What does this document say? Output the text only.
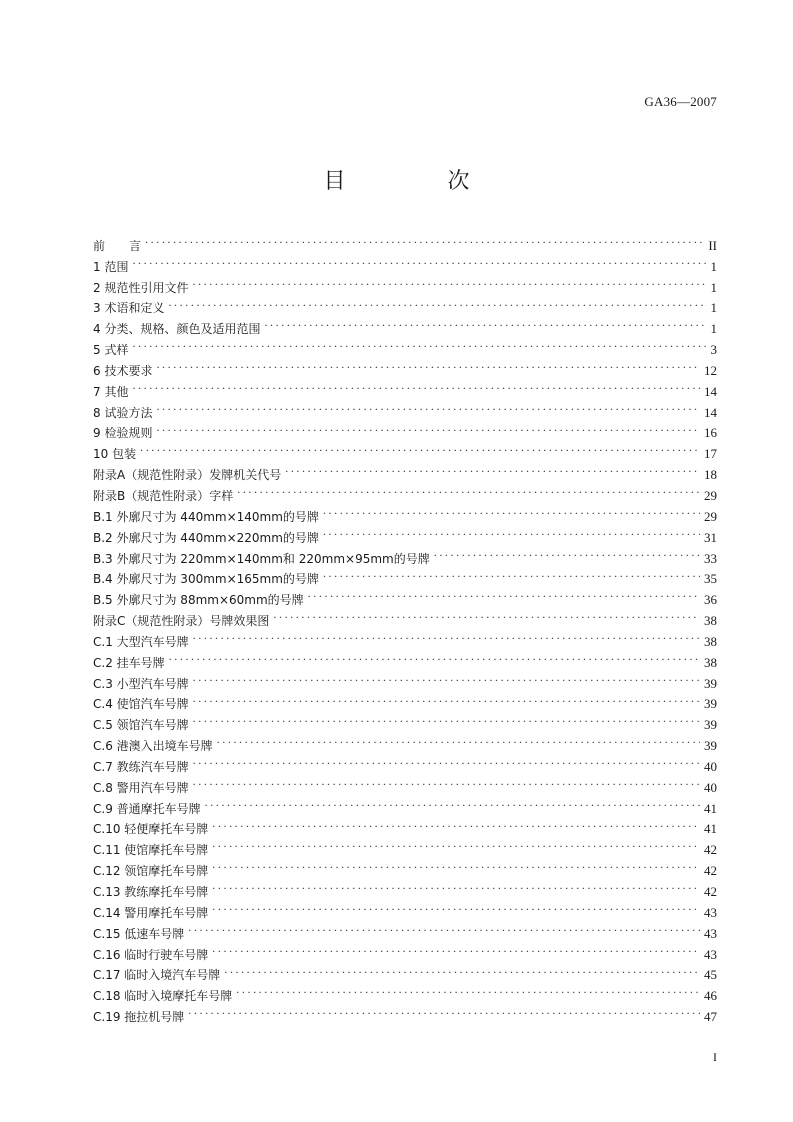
GA36—2007
目　次
前　　言 .....	II
1 范围 .....	1
2 规范性引用文件 .....	1
3 术语和定义 .....	1
4 分类、规格、颜色及适用范围 .....	1
5 式样 .....	3
6 技术要求 .....	12
7 其他 .....	14
8 试验方法 .....	14
9 检验规则 .....	16
10 包装 .....	17
附录A（规范性附录）发牌机关代号 .....	18
附录B（规范性附录）字样 .....	29
B.1 外廓尺寸为 440mm×140mm的号牌 .....	29
B.2 外廓尺寸为 440mm×220mm的号牌 .....	31
B.3 外廓尺寸为 220mm×140mm和 220mm×95mm的号牌 .....	33
B.4 外廓尺寸为 300mm×165mm的号牌 .....	35
B.5 外廓尺寸为 88mm×60mm的号牌 .....	36
附录C（规范性附录）号牌效果图 .....	38
C.1 大型汽车号牌 .....	38
C.2 挂车号牌 .....	38
C.3 小型汽车号牌 .....	39
C.4 使馆汽车号牌 .....	39
C.5 领馆汽车号牌 .....	39
C.6 港澳入出境车号牌 .....	39
C.7 教练汽车号牌 .....	40
C.8 警用汽车号牌 .....	40
C.9 普通摩托车号牌 .....	41
C.10 轻便摩托车号牌 .....	41
C.11 使馆摩托车号牌 .....	42
C.12 领馆摩托车号牌 .....	42
C.13 教练摩托车号牌 .....	42
C.14 警用摩托车号牌 .....	43
C.15 低速车号牌 .....	43
C.16 临时行驶车号牌 .....	43
C.17 临时入境汽车号牌 .....	45
C.18 临时入境摩托车号牌 .....	46
C.19 拖拉机号牌 .....	47
I
